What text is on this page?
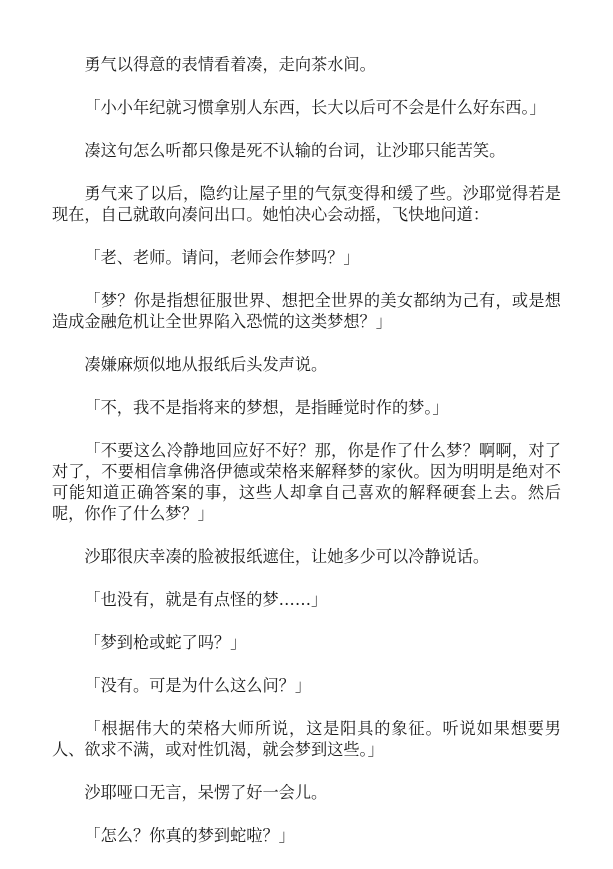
勇气以得意的表情看着凑，走向茶水间。

「小小年纪就习惯拿别人东西，长大以后可不会是什么好东西。」

凑这句怎么听都只像是死不认输的台词，让沙耶只能苦笑。

勇气来了以后，隐约让屋子里的气氛变得和缓了些。沙耶觉得若是现在，自己就敢向凑问出口。她怕决心会动摇，飞快地问道：

「老、老师。请问，老师会作梦吗？」

「梦？你是指想征服世界、想把全世界的美女都纳为己有，或是想造成金融危机让全世界陷入恐慌的这类梦想？」

凑嫌麻烦似地从报纸后头发声说。

「不，我不是指将来的梦想，是指睡觉时作的梦。」

「不要这么冷静地回应好不好？那，你是作了什么梦？啊啊，对了对了，不要相信拿佛洛伊德或荣格来解释梦的家伙。因为明明是绝对不可能知道正确答案的事，这些人却拿自己喜欢的解释硬套上去。然后呢，你作了什么梦？」

沙耶很庆幸凑的脸被报纸遮住，让她多少可以冷静说话。

「也没有，就是有点怪的梦……」

「梦到枪或蛇了吗？」

「没有。可是为什么这么问？」

「根据伟大的荣格大师所说，这是阳具的象征。听说如果想要男人、欲求不满，或对性饥渴，就会梦到这些。」

沙耶哑口无言，呆愣了好一会儿。

「怎么？你真的梦到蛇啦？」
